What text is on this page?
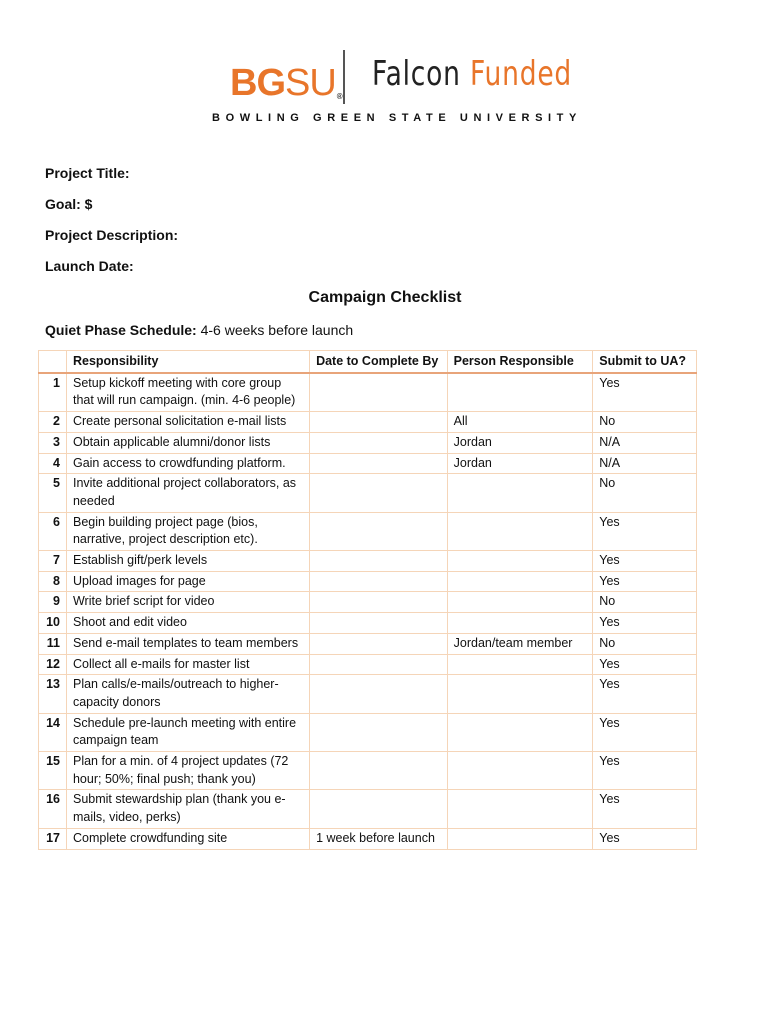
BGSU®
Falcon Funded
BOWLING GREEN STATE UNIVERSITY
Project Title:
Goal: $
Project Description:
Launch Date:
Campaign Checklist
Quiet Phase Schedule: 4-6 weeks before launch
	Responsibility	Date to Complete By	Person Responsible	Submit to UA?
1	Setup kickoff meeting with core group that will run campaign. (min. 4-6 people)			Yes
2	Create personal solicitation e-mail lists		All	No
3	Obtain applicable alumni/donor lists		Jordan	N/A
4	Gain access to crowdfunding platform.		Jordan	N/A
5	Invite additional project collaborators, as needed			No
6	Begin building project page (bios, narrative, project description etc).			Yes
7	Establish gift/perk levels			Yes
8	Upload images for page			Yes
9	Write brief script for video			No
10	Shoot and edit video			Yes
11	Send e-mail templates to team members		Jordan/team member	No
12	Collect all e-mails for master list			Yes
13	Plan calls/e-mails/outreach to higher-capacity donors			Yes
14	Schedule pre-launch meeting with entire campaign team			Yes
15	Plan for a min. of 4 project updates (72 hour; 50%; final push; thank you)			Yes
16	Submit stewardship plan (thank you e-mails, video, perks)			Yes
17	Complete crowdfunding site	1 week before launch		Yes
